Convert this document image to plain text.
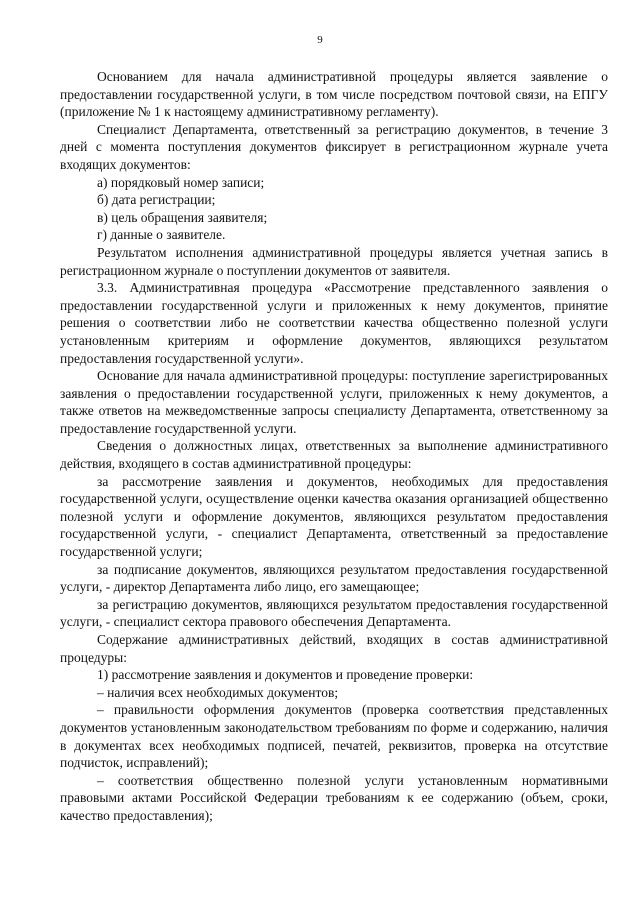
9
Основанием для начала административной процедуры является заявление о предоставлении государственной услуги, в том числе посредством почтовой связи, на ЕПГУ (приложение № 1 к настоящему административному регламенту).
Специалист Департамента, ответственный за регистрацию документов, в течение 3 дней с момента поступления документов фиксирует в регистрационном журнале учета входящих документов:
а) порядковый номер записи;
б) дата регистрации;
в) цель обращения заявителя;
г) данные о заявителе.
Результатом исполнения административной процедуры является учетная запись в регистрационном журнале о поступлении документов от заявителя.
3.3. Административная процедура «Рассмотрение представленного заявления о предоставлении государственной услуги и приложенных к нему документов, принятие решения о соответствии либо не соответствии качества общественно полезной услуги установленным критериям и оформление документов, являющихся результатом предоставления государственной услуги».
Основание для начала административной процедуры: поступление зарегистрированных заявления о предоставлении государственной услуги, приложенных к нему документов, а также ответов на межведомственные запросы специалисту Департамента, ответственному за предоставление государственной услуги.
Сведения о должностных лицах, ответственных за выполнение административного действия, входящего в состав административной процедуры:
за рассмотрение заявления и документов, необходимых для предоставления государственной услуги, осуществление оценки качества оказания организацией общественно полезной услуги и оформление документов, являющихся результатом предоставления государственной услуги, - специалист Департамента, ответственный за предоставление государственной услуги;
за подписание документов, являющихся результатом предоставления государственной услуги, - директор Департамента либо лицо, его замещающее;
за регистрацию документов, являющихся результатом предоставления государственной услуги, - специалист сектора правового обеспечения Департамента.
Содержание административных действий, входящих в состав административной процедуры:
1) рассмотрение заявления и документов и проведение проверки:
– наличия всех необходимых документов;
– правильности оформления документов (проверка соответствия представленных документов установленным законодательством требованиям по форме и содержанию, наличия в документах всех необходимых подписей, печатей, реквизитов, проверка на отсутствие подчисток, исправлений);
– соответствия общественно полезной услуги установленным нормативными правовыми актами Российской Федерации требованиям к ее содержанию (объем, сроки, качество предоставления);
